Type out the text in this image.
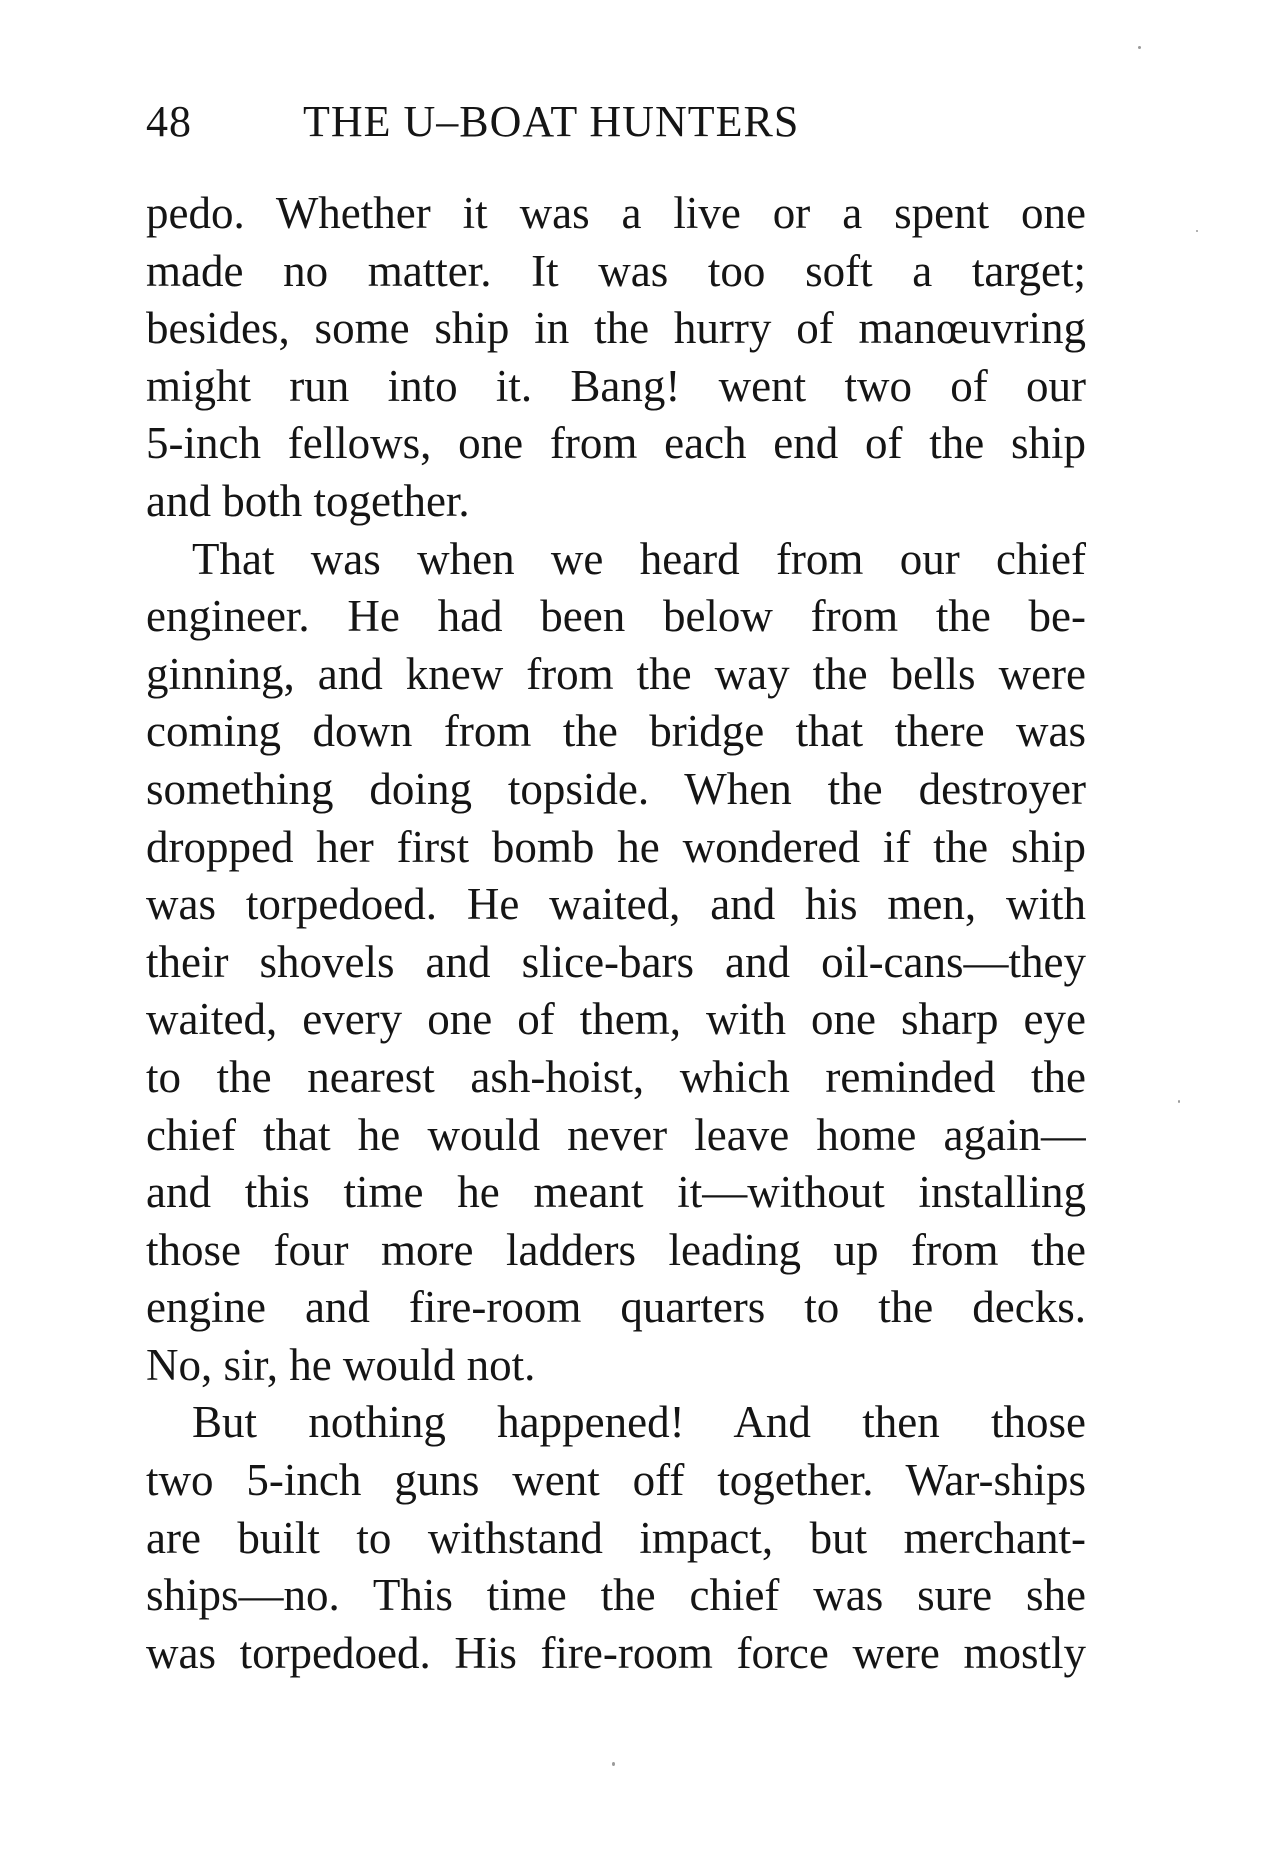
48	THE U–BOAT HUNTERS
pedo. Whether it was a live or a spent one
made no matter. It was too soft a target;
besides, some ship in the hurry of manœuvring
might run into it. Bang! went two of our
5-inch fellows, one from each end of the ship
and both together.
That was when we heard from our chief
engineer. He had been below from the be-
ginning, and knew from the way the bells were
coming down from the bridge that there was
something doing topside. When the destroyer
dropped her first bomb he wondered if the ship
was torpedoed. He waited, and his men, with
their shovels and slice-bars and oil-cans—they
waited, every one of them, with one sharp eye
to the nearest ash-hoist, which reminded the
chief that he would never leave home again—
and this time he meant it—without installing
those four more ladders leading up from the
engine and fire-room quarters to the decks.
No, sir, he would not.
But nothing happened! And then those
two 5-inch guns went off together. War-ships
are built to withstand impact, but merchant-
ships—no. This time the chief was sure she
was torpedoed. His fire-room force were mostly
